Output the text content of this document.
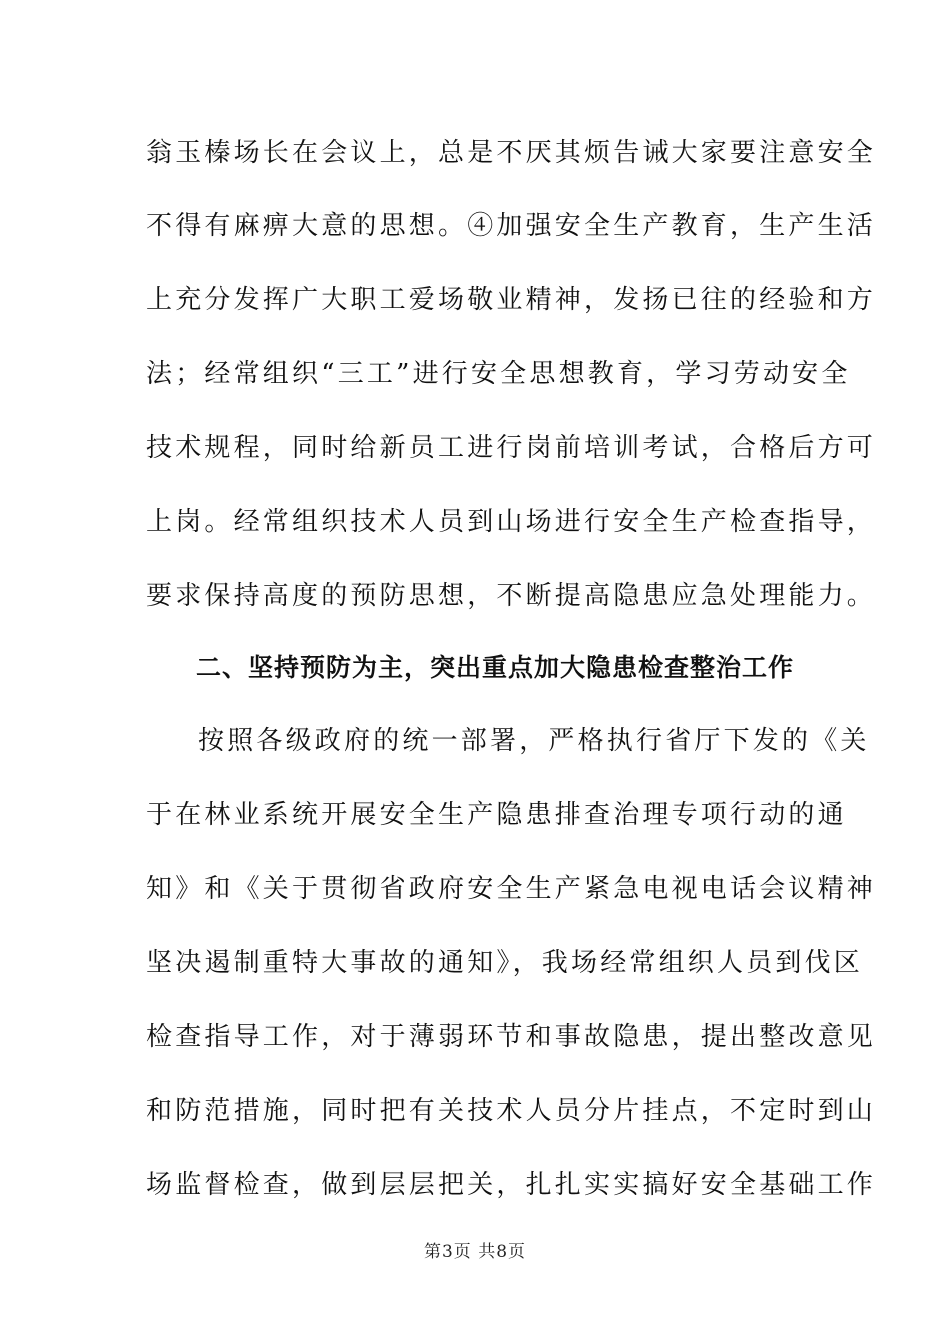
翁玉榛场长在会议上，总是不厌其烦告诫大家要注意安全
不得有麻痹大意的思想。④加强安全生产教育，生产生活
上充分发挥广大职工爱场敬业精神，发扬已往的经验和方
法；经常组织“三工”进行安全思想教育，学习劳动安全
技术规程，同时给新员工进行岗前培训考试，合格后方可
上岗。经常组织技术人员到山场进行安全生产检查指导，
要求保持高度的预防思想，不断提高隐患应急处理能力。
二、坚持预防为主，突出重点加大隐患检查整治工作
按照各级政府的统一部署，严格执行省厅下发的《关
于在林业系统开展安全生产隐患排查治理专项行动的通
知》和《关于贯彻省政府安全生产紧急电视电话会议精神
坚决遏制重特大事故的通知》，我场经常组织人员到伐区
检查指导工作，对于薄弱环节和事故隐患，提出整改意见
和防范措施，同时把有关技术人员分片挂点，不定时到山
场监督检查，做到层层把关，扎扎实实搞好安全基础工作
第3页 共8页
